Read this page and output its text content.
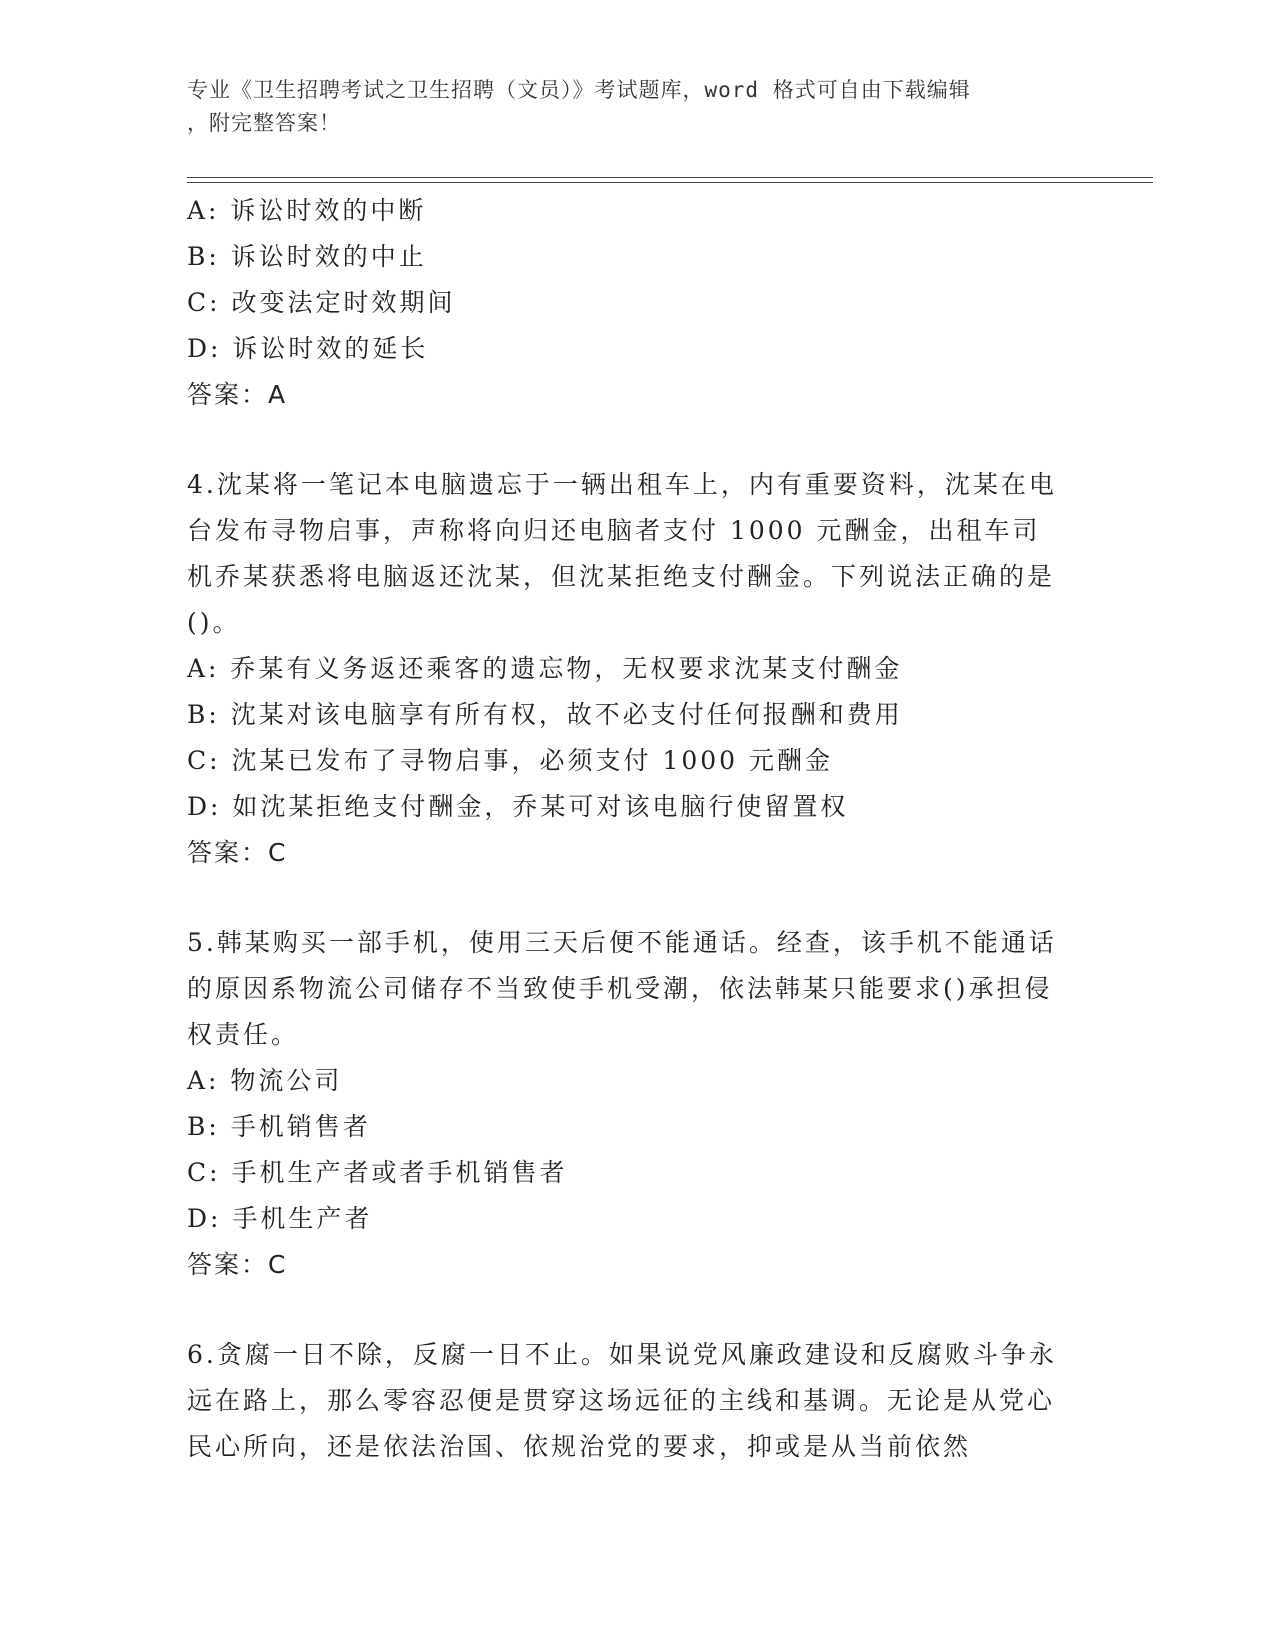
专业《卫生招聘考试之卫生招聘（文员）》考试题库，word 格式可自由下载编辑
，附完整答案！
A: 诉讼时效的中断
B: 诉讼时效的中止
C: 改变法定时效期间
D: 诉讼时效的延长
答案：A
4.沈某将一笔记本电脑遗忘于一辆出租车上，内有重要资料，沈某在电台发布寻物启事，声称将向归还电脑者支付 1000 元酬金，出租车司机乔某获悉将电脑返还沈某，但沈某拒绝支付酬金。下列说法正确的是()。
A: 乔某有义务返还乘客的遗忘物，无权要求沈某支付酬金
B: 沈某对该电脑享有所有权，故不必支付任何报酬和费用
C: 沈某已发布了寻物启事，必须支付 1000 元酬金
D: 如沈某拒绝支付酬金，乔某可对该电脑行使留置权
答案：C
5.韩某购买一部手机，使用三天后便不能通话。经查，该手机不能通话的原因系物流公司储存不当致使手机受潮，依法韩某只能要求()承担侵权责任。
A: 物流公司
B: 手机销售者
C: 手机生产者或者手机销售者
D: 手机生产者
答案：C
6.贪腐一日不除，反腐一日不止。如果说党风廉政建设和反腐败斗争永远在路上，那么零容忍便是贯穿这场远征的主线和基调。无论是从党心民心所向，还是依法治国、依规治党的要求，抑或是从当前依然
